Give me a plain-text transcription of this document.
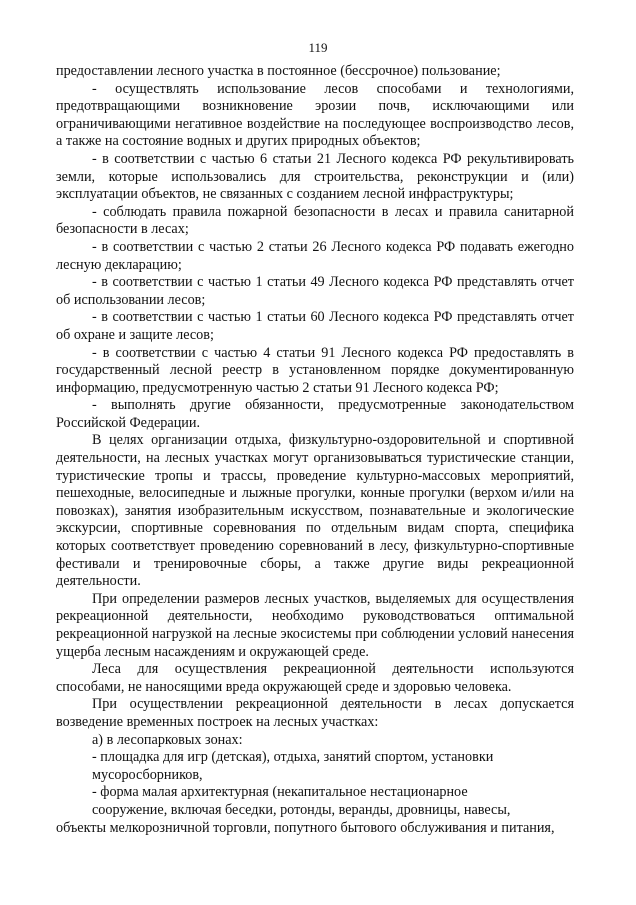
119

предоставлении лесного участка в постоянное (бессрочное) пользование;

- осуществлять использование лесов способами и технологиями, предотвращающими возникновение эрозии почв, исключающими или ограничивающими негативное воздействие на последующее воспроизводство лесов, а также на состояние водных и других природных объектов;

- в соответствии с частью 6 статьи 21 Лесного кодекса РФ рекультивировать земли, которые использовались для строительства, реконструкции и (или) эксплуатации объектов, не связанных с созданием лесной инфраструктуры;

- соблюдать правила пожарной безопасности в лесах и правила санитарной безопасности в лесах;

- в соответствии с частью 2 статьи 26 Лесного кодекса РФ подавать ежегодно лесную декларацию;

- в соответствии с частью 1 статьи 49 Лесного кодекса РФ представлять отчет об использовании лесов;

- в соответствии с частью 1 статьи 60 Лесного кодекса РФ представлять отчет об охране и защите лесов;

- в соответствии с частью 4 статьи 91 Лесного кодекса РФ предоставлять в государственный лесной реестр в установленном порядке документированную информацию, предусмотренную частью 2 статьи 91 Лесного кодекса РФ;

- выполнять другие обязанности, предусмотренные законодательством Российской Федерации.

В целях организации отдыха, физкультурно-оздоровительной и спортивной деятельности, на лесных участках могут организовываться туристические станции, туристические тропы и трассы, проведение культурно-массовых мероприятий, пешеходные, велосипедные и лыжные прогулки, конные прогулки (верхом и/или на повозках), занятия изобразительным искусством, познавательные и экологические экскурсии, спортивные соревнования по отдельным видам спорта, специфика которых соответствует проведению соревнований в лесу, физкультурно-спортивные фестивали и тренировочные сборы, а также другие виды рекреационной деятельности.

При определении размеров лесных участков, выделяемых для осуществления рекреационной деятельности, необходимо руководствоваться оптимальной рекреационной нагрузкой на лесные экосистемы при соблюдении условий нанесения ущерба лесным насаждениям и окружающей среде.

Леса для осуществления рекреационной деятельности используются способами, не наносящими вреда окружающей среде и здоровью человека.

При осуществлении рекреационной деятельности в лесах допускается возведение временных построек на лесных участках:

а) в лесопарковых зонах:

- площадка для игр (детская), отдыха, занятий спортом, установки

мусоросборников,

- форма малая архитектурная (некапитальное нестационарное

сооружение, включая беседки, ротонды, веранды, дровницы, навесы,

объекты мелкорозничной торговли, попутного бытового обслуживания и питания,
